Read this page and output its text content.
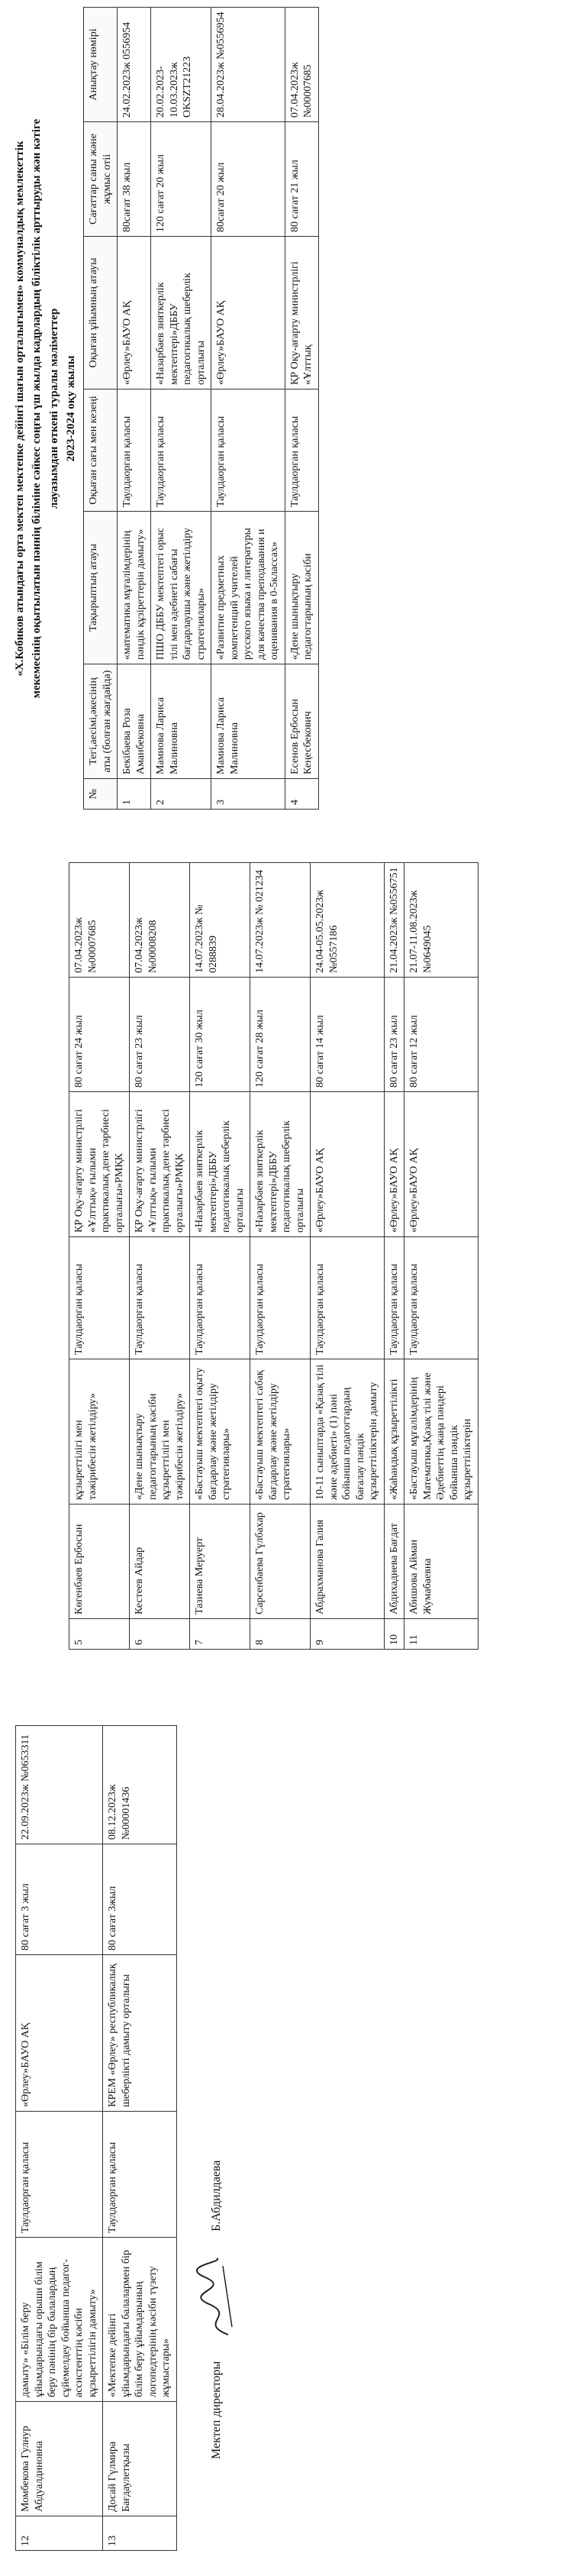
«Х.Кобиков атындағы орта мектеп мектепке дейінгі шағын орталығымен» коммуналдық мемлекеттік мекемесінің оқытылатын пәннің біліміне сәйкес соңғы үш жылда кадрлардың біліктілік арттыруды жән кәтіге лауазымдан өткені туралы мәліметтер 2023-2024 оқу жылы
№	Тегі,аесімі,әкесінің аты (болған жағдайда)	Тақырыптың атауы	Оқыған сағы мен кезеңі	Оқыған ұйымның атауы	Сағаттар саны және жұмыс отіі	Анықтау нөмірі
1	Бекібаева Роза Аманбековна	«математика мұғалімдерінің пәндік құзіреттерін дамыту»	Таулдаорган қаласы	«Өрлеу»БАУО АҚ	80сағат 38 жыл	24.02.2023ж 0556954
2	Мамиова Лариса Малиновна	ПШО ДББУ мектептегі орыс тілі мен әдебиеті сабағы бағдарлаушы және жетілдіру стратегиялары»	Таулдаорган қаласы	«Назарбаев зияткерлік мектептері»ДББУ педагогикалық шеберлік орталығы	120 сағат 20 жыл	20.02.2023-10.03.2023ж OKSZT21223
3	Мамиова Лариса Малиновна	«Развитие предметных компетенций учителей русского языка и литературы для качества преподавания и оценивания в 0-5классах»	Таулдаорган қаласы	«Өрлеу»БАУО АҚ	80сағат 20 жыл	28.04.2023ж №0556954
4	Есенов Ербосын Кеңесбекович	«Дене шынықтыру педагогтарының кәсіби	Таулдаорган қаласы	ҚР Оқу-ағарту министрлігі «Ұлттық	80 сағат 21 жыл	07.04.2023ж №00007685
5	Көгенбаев Ербосын	құзыреттілігі мен тәжірибесін жетілдіру»	Таулдаорган қаласы	ҚР Оқу-ағарту министрлігі «Ұлттық» ғылыми практикалық дене тәрбиесі орталығы»РМҚК	80 сағат 24 жыл	07.04.2023ж №00007685
6	Кестеев Айдар	«Дене шынықтыру педагогтарының кәсіби құзыреттілігі мен тәжірибесін жетілдіру»	Таулдаорган қаласы	ҚР Оқу-ағарту министрлігі «Ұлттық» ғылыми практикалық дене тәрбиесі орталығы»РМҚК	80 сағат 23 жыл	07.04.2023ж №00008208
7	Тазиева Меруерт	«Бастауыш мектептегі оқыту бағдарлау және жетілдіру стратегиялары»	Таулдаорган қаласы	«Назарбаев зияткерлік мектептері»ДББУ педагогикалық шеберлік орталығы	120 сағат 30 жыл	14.07.2023ж № 0288839
8	Сарсенбаева Гүлбахар	«Бастауыш мектептегі сабақ бағдарлау және жетілдіру стратегиялары»	Таулдаорган қаласы	«Назарбаев зияткерлік мектептері»ДББУ педагогикалық шеберлік орталығы	120 сағат 28 жыл	14.07.2023ж № 021234
9	Абдрахманова Галия	10-11 сыныптарда «Қазақ тілі және әдебиеті» (1) пәні бойынша педагогтардың бағалау пәндік құзыреттіліктерін дамыту	Таулдаорган қаласы	«Өрлеу»БАУО АҚ	80 сағат 14 жыл	24.04-05.05.2023ж №0557186
10	Абдихадиева Бағдат	«Жаһандық құзыреттілікті	Таулдаорган қаласы	«Өрлеу»БАУО АҚ	80 сағат 23 жыл	21.04.2023ж №0556751
11	Абишова Айман Жумабаевна	«Бастауыш мұғалімдерінің Математика,Қазақ тілі және Әдебиеттің жаңа пәндері бойынша пәндік құзыреттіліктерін	Таулдаорган қаласы	«Өрлеу»БАУО АҚ	80 сағат 12 жыл	21.07-11.08.2023ж №0649045
12	Момбекова Гулнур Абдуалдиновна	дамыту» «Білім беру ұйымдарындағы орыши білім беру пәнінің бір балалардың сұйемелдеу бойынша педагог-ассистенттің кәсіби құзыреттілігін дамыту»	Таулдаорган қаласы	«Өрлеу»БАУО АҚ	80 сағат 3 жыл	22.09.2023ж №0653311
13	Досай Гүлмира Бағдаулетқызы	«Мектепке дейінгі ұйымдарындағы балалармен бір білім беру ұйымдарының логопедтерінің кәсіби түзету жұмыстары»	Таулдаорган қаласы	КРЕМ «Өрлеу» республикалық шеберлікті дамыту орталығы	80 сағат 3жыл	08.12.2023ж №00001436
Мектеп директоры
Б.Абдилдаева
